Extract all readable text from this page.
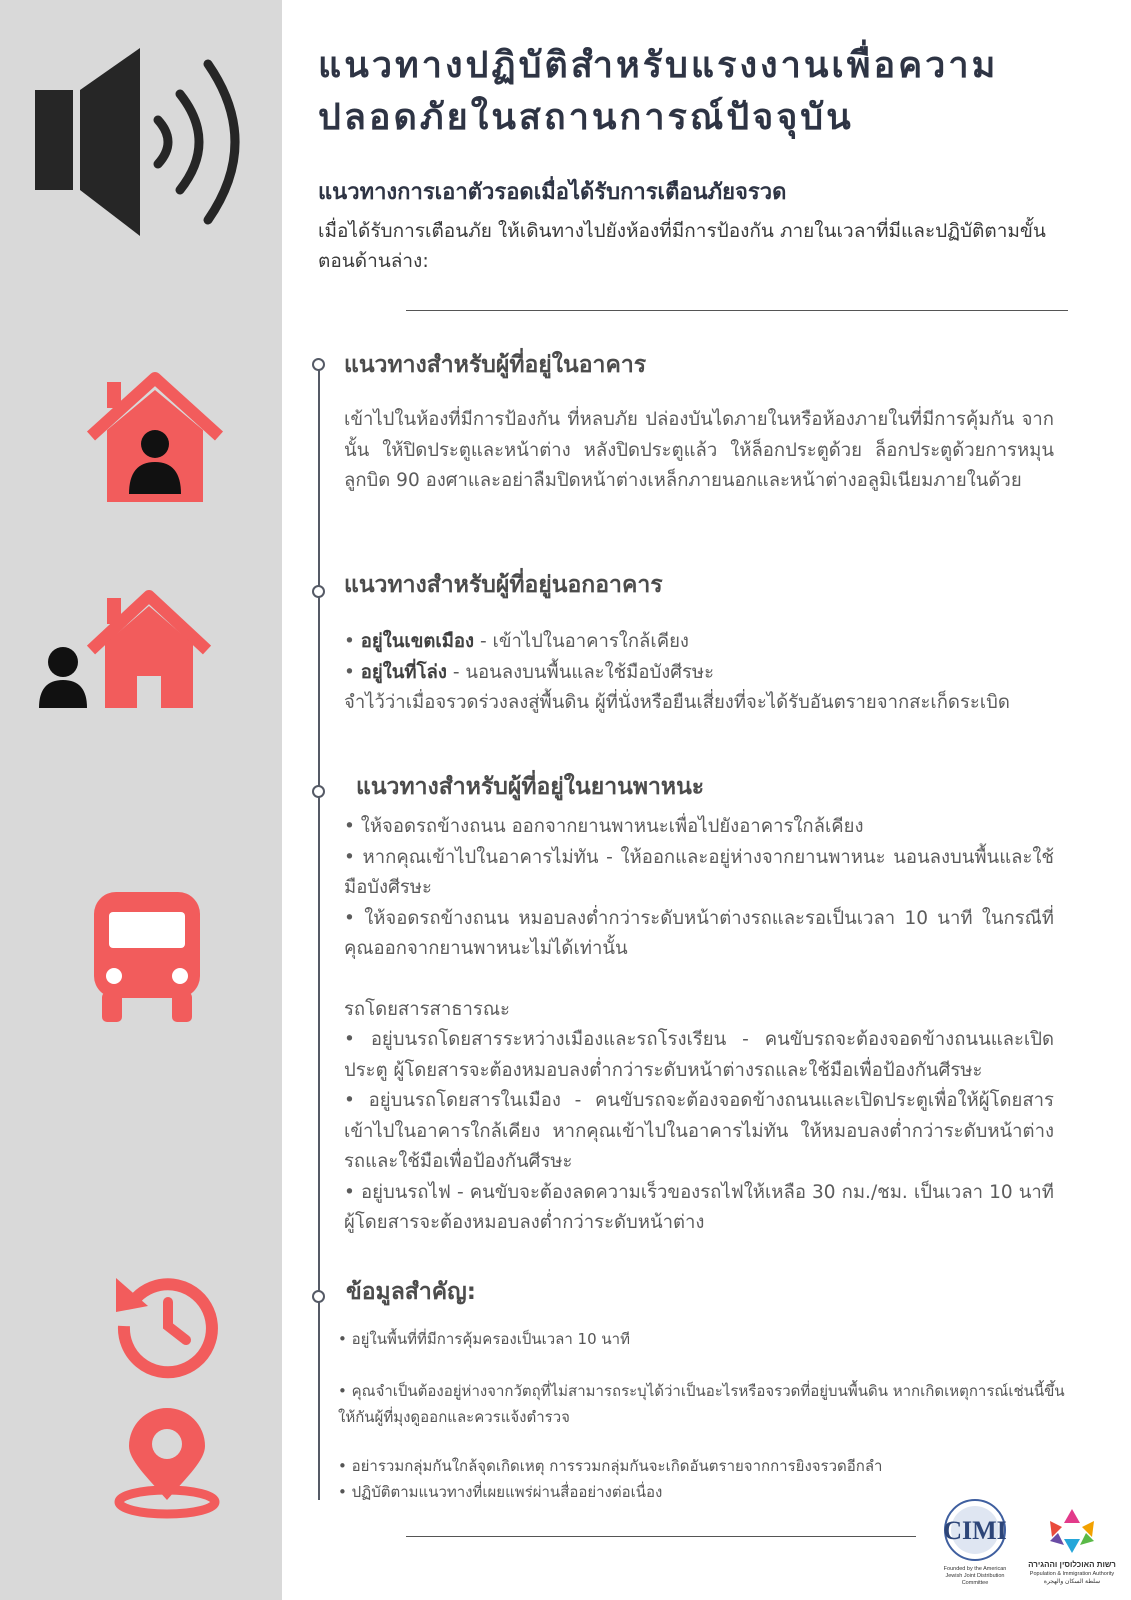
แนวทางปฏิบัติสำหรับแรงงานเพื่อความ
ปลอดภัยในสถานการณ์ปัจจุบัน
แนวทางการเอาตัวรอดเมื่อได้รับการเตือนภัยจรวด

เมื่อได้รับการเตือนภัย ให้เดินทางไปยังห้องที่มีการป้องกัน ภายในเวลาที่มีและปฏิบัติตามขั้นตอนด้านล่าง:

แนวทางสำหรับผู้ที่อยู่ในอาคาร

เข้าไปในห้องที่มีการป้องกัน ที่หลบภัย ปล่องบันไดภายในหรือห้องภายในที่มีการคุ้มกัน จากนั้น ให้ปิดประตูและหน้าต่าง หลังปิดประตูแล้ว ให้ล็อกประตูด้วย ล็อกประตูด้วยการหมุนลูกบิด 90 องศาและอย่าลืมปิดหน้าต่างเหล็กภายนอกและหน้าต่างอลูมิเนียมภายในด้วย

แนวทางสำหรับผู้ที่อยู่นอกอาคาร
• อยู่ในเขตเมือง - เข้าไปในอาคารใกล้เคียง
• อยู่ในที่โล่ง - นอนลงบนพื้นและใช้มือบังศีรษะ
จำไว้ว่าเมื่อจรวดร่วงลงสู่พื้นดิน ผู้ที่นั่งหรือยืนเสี่ยงที่จะได้รับอันตรายจากสะเก็ดระเบิด
แนวทางสำหรับผู้ที่อยู่ในยานพาหนะ
• ให้จอดรถข้างถนน ออกจากยานพาหนะเพื่อไปยังอาคารใกล้เคียง
• หากคุณเข้าไปในอาคารไม่ทัน - ให้ออกและอยู่ห่างจากยานพาหนะ นอนลงบนพื้นและใช้มือบังศีรษะ
• ให้จอดรถข้างถนน หมอบลงต่ำกว่าระดับหน้าต่างรถและรอเป็นเวลา 10 นาที ในกรณีที่คุณออกจากยานพาหนะไม่ได้เท่านั้น
รถโดยสารสาธารณะ
• อยู่บนรถโดยสารระหว่างเมืองและรถโรงเรียน - คนขับรถจะต้องจอดข้างถนนและเปิดประตู ผู้โดยสารจะต้องหมอบลงต่ำกว่าระดับหน้าต่างรถและใช้มือเพื่อป้องกันศีรษะ
• อยู่บนรถโดยสารในเมือง - คนขับรถจะต้องจอดข้างถนนและเปิดประตูเพื่อให้ผู้โดยสารเข้าไปในอาคารใกล้เคียง หากคุณเข้าไปในอาคารไม่ทัน ให้หมอบลงต่ำกว่าระดับหน้าต่างรถและใช้มือเพื่อป้องกันศีรษะ
• อยู่บนรถไฟ - คนขับจะต้องลดความเร็วของรถไฟให้เหลือ 30 กม./ชม. เป็นเวลา 10 นาที ผู้โดยสารจะต้องหมอบลงต่ำกว่าระดับหน้าต่าง
ข้อมูลสำคัญ:

• อยู่ในพื้นที่ที่มีการคุ้มครองเป็นเวลา 10 นาที

• คุณจำเป็นต้องอยู่ห่างจากวัตถุที่ไม่สามารถระบุได้ว่าเป็นอะไรหรือจรวดที่อยู่บนพื้นดิน หากเกิดเหตุการณ์เช่นนี้ขึ้น ให้กันผู้ที่มุงดูออกและควรแจ้งตำรวจ

• อย่ารวมกลุ่มกันใกล้จุดเกิดเหตุ การรวมกลุ่มกันจะเกิดอันตรายจากการยิงจรวดอีกลำ

• ปฏิบัติตามแนวทางที่เผยแพร่ผ่านสื่ออย่างต่อเนื่อง

CIMI
Founded by the American Jewish Joint Distribution Committee
רשות האוכלוסין וההגירה
Population & Immigration Authority
سلطة السكان والهجرة
